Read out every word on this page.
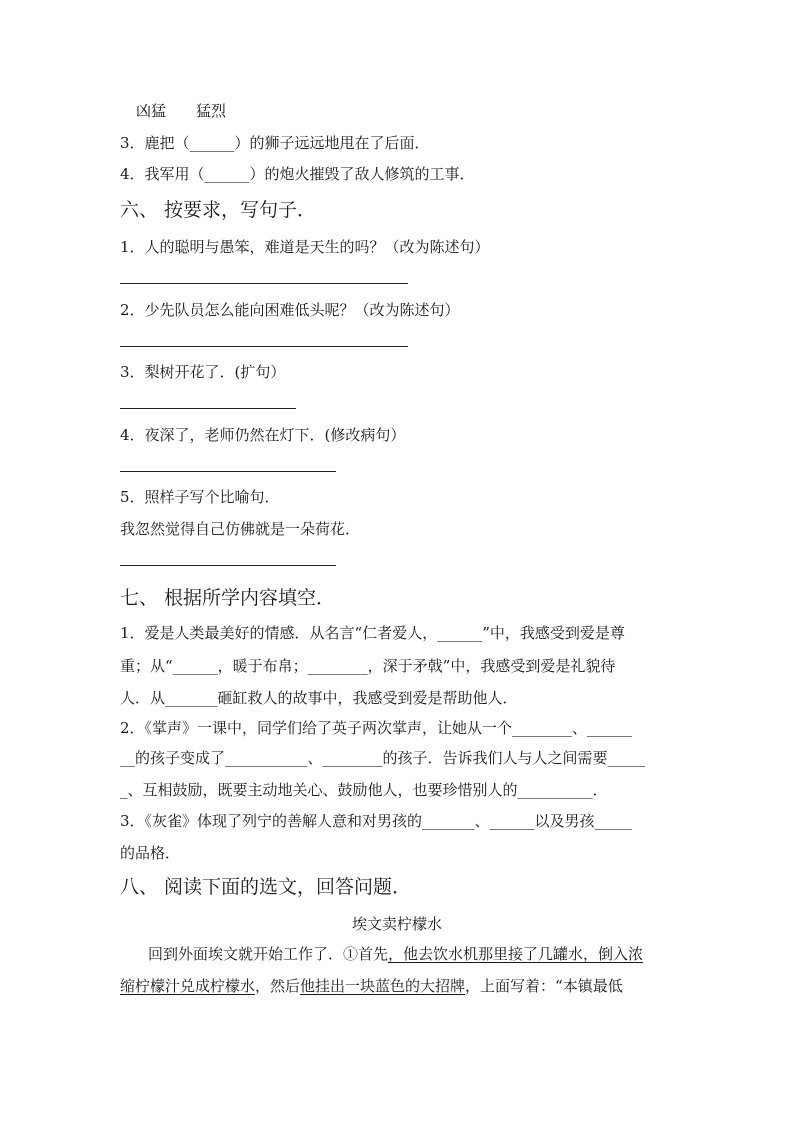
凶猛　　猛烈
3．鹿把（______）的狮子远远地甩在了后面．
4．我军用（______）的炮火摧毁了敌人修筑的工事．
六、 按要求，写句子．
1．人的聪明与愚笨，难道是天生的吗？（改为陈述句）
2．少先队员怎么能向困难低头呢？（改为陈述句）
3．梨树开花了．(扩句）
4．夜深了，老师仍然在灯下．(修改病句）
5．照样子写个比喻句．
我忽然觉得自己仿佛就是一朵荷花．
七、 根据所学内容填空．
1．爱是人类最美好的情感．从名言“仁者爱人，______”中，我感受到爱是尊
重；从“______，暖于布帛；________，深于矛戟”中，我感受到爱是礼貌待
人．从_______砸缸救人的故事中，我感受到爱是帮助他人．
2．《掌声》一课中，同学们给了英子两次掌声，让她从一个________、______
__的孩子变成了___________、________的孩子．告诉我们人与人之间需要_____
_、互相鼓励，既要主动地关心、鼓励他人，也要珍惜别人的__________．
3．《灰雀》体现了列宁的善解人意和对男孩的_______、______以及男孩_____
的品格．
八、 阅读下面的选文，回答问题．
埃文卖柠檬水
回到外面埃文就开始工作了．①首先，他去饮水机那里接了几罐水，倒入浓
缩柠檬汁兑成柠檬水，然后他挂出一块蓝色的大招牌，上面写着：“本镇最低
